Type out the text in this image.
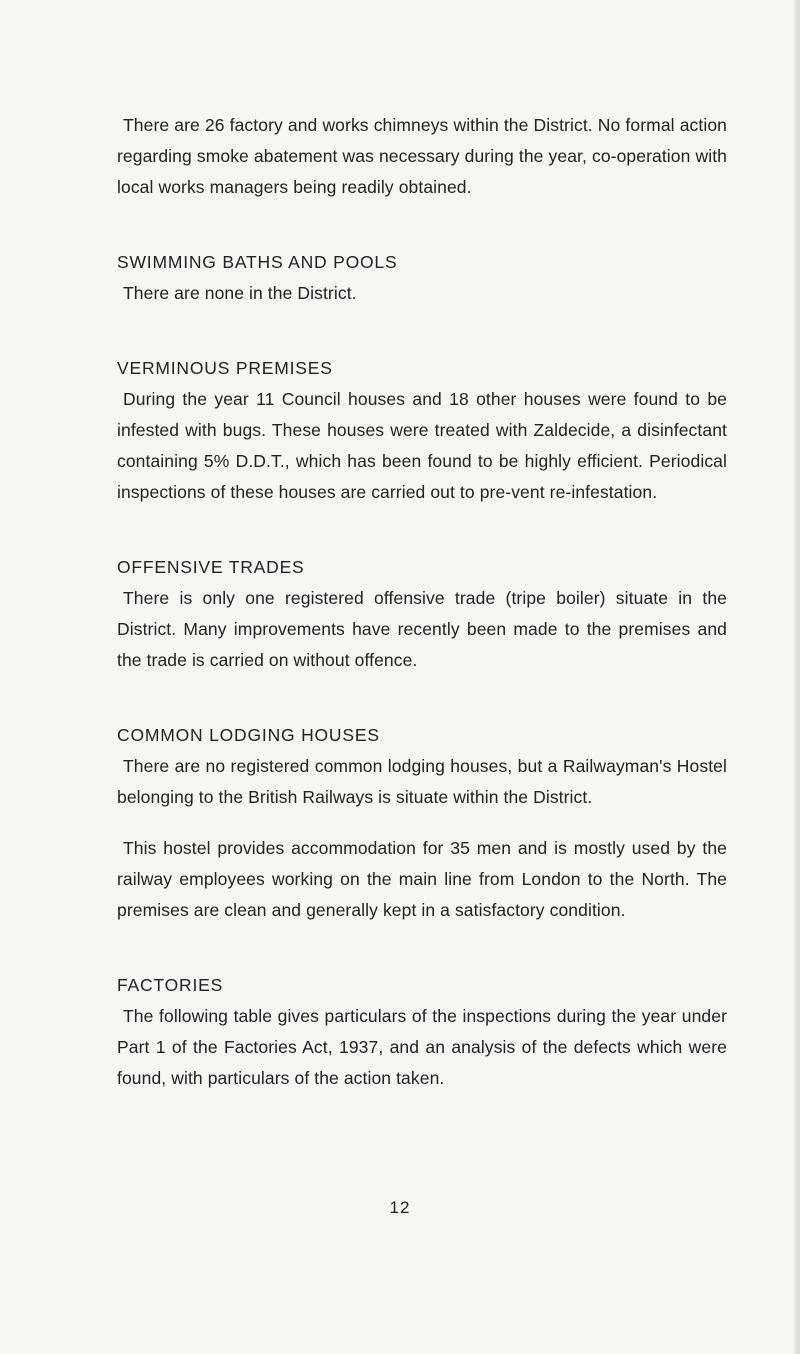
There are 26 factory and works chimneys within the District. No formal action regarding smoke abatement was necessary during the year, co-operation with local works managers being readily obtained.

SWIMMING BATHS AND POOLS

There are none in the District.

VERMINOUS PREMISES

During the year 11 Council houses and 18 other houses were found to be infested with bugs. These houses were treated with Zaldecide, a disinfectant containing 5% D.D.T., which has been found to be highly efficient. Periodical inspections of these houses are carried out to pre-vent re-infestation.

OFFENSIVE TRADES

There is only one registered offensive trade (tripe boiler) situate in the District. Many improvements have recently been made to the premises and the trade is carried on without offence.

COMMON LODGING HOUSES

There are no registered common lodging houses, but a Railwayman's Hostel belonging to the British Railways is situate within the District.

This hostel provides accommodation for 35 men and is mostly used by the railway employees working on the main line from London to the North. The premises are clean and generally kept in a satisfactory condition.

FACTORIES

The following table gives particulars of the inspections during the year under Part 1 of the Factories Act, 1937, and an analysis of the defects which were found, with particulars of the action taken.

12
